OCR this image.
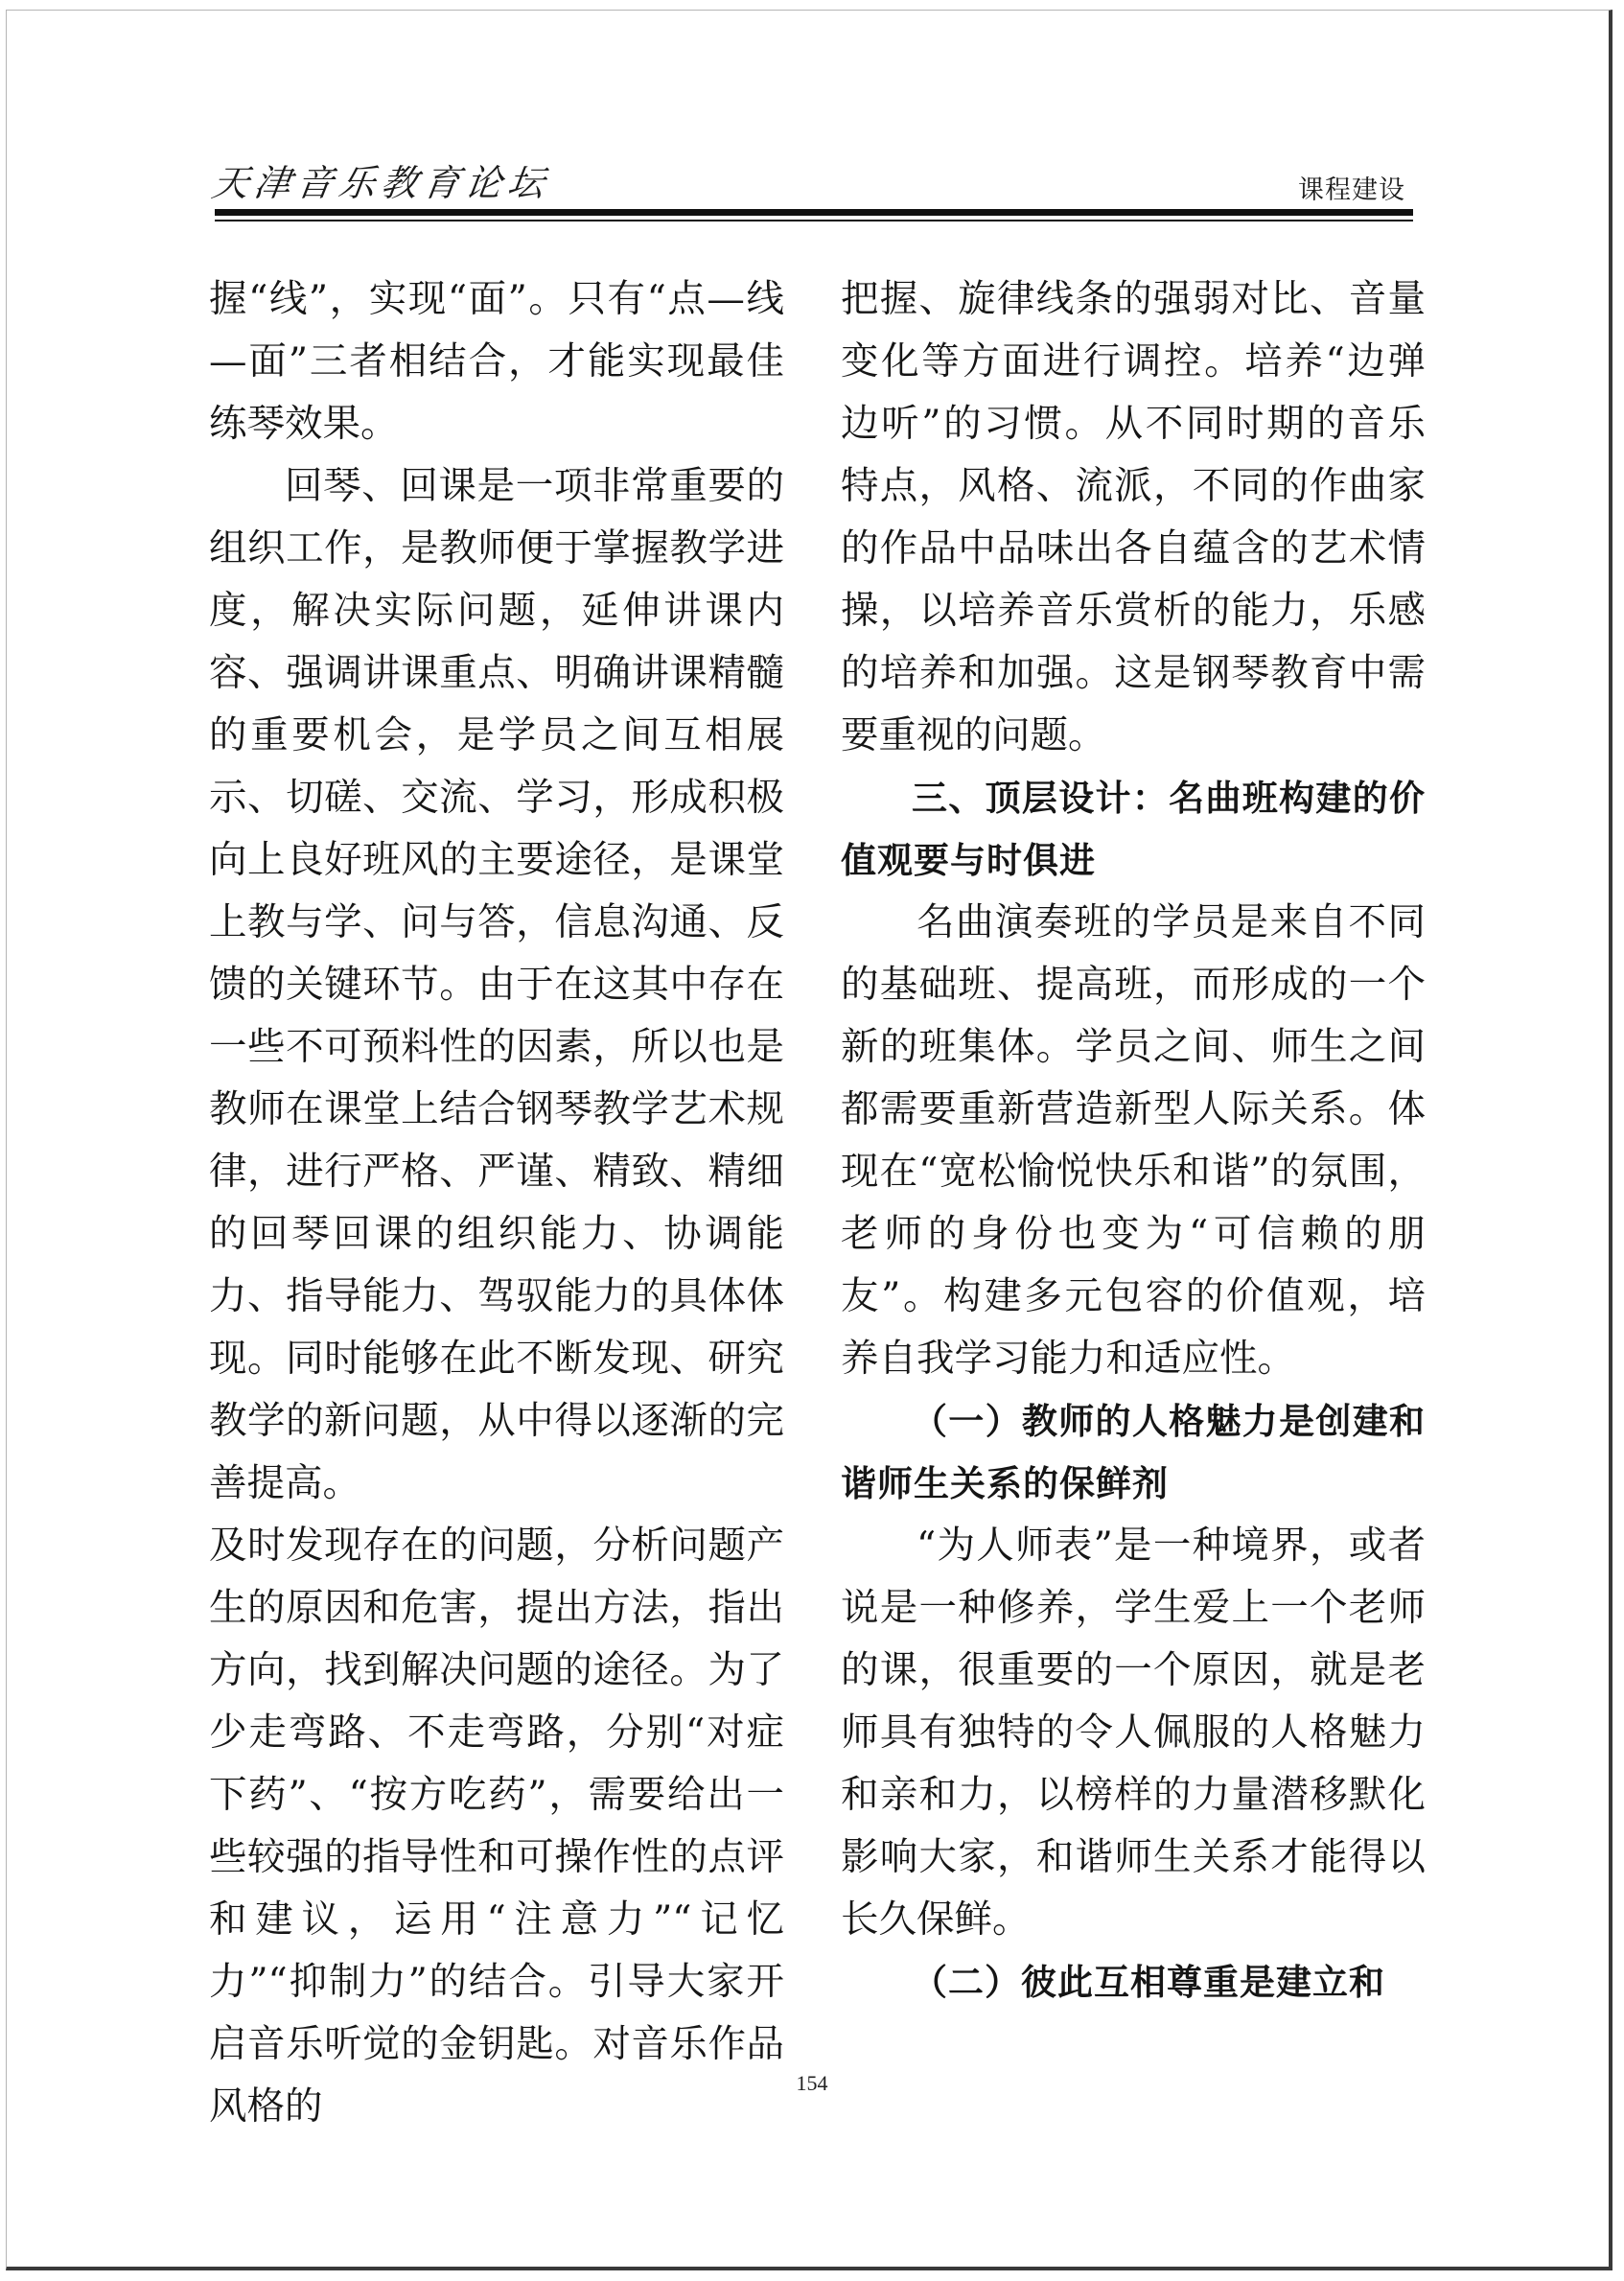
天津音乐教育论坛	课程建设

握“线”，实现“面”。只有“点—线—面”三者相结合，才能实现最佳练琴效果。

回琴、回课是一项非常重要的组织工作，是教师便于掌握教学进度，解决实际问题，延伸讲课内容、强调讲课重点、明确讲课精髓的重要机会，是学员之间互相展示、切磋、交流、学习，形成积极向上良好班风的主要途径，是课堂上教与学、问与答，信息沟通、反馈的关键环节。由于在这其中存在一些不可预料性的因素，所以也是教师在课堂上结合钢琴教学艺术规律，进行严格、严谨、精致、精细的回琴回课的组织能力、协调能力、指导能力、驾驭能力的具体体现。同时能够在此不断发现、研究教学的新问题，从中得以逐渐的完善提高。

及时发现存在的问题，分析问题产生的原因和危害，提出方法，指出方向，找到解决问题的途径。为了少走弯路、不走弯路，分别“对症下药”、“按方吃药”，需要给出一些较强的指导性和可操作性的点评和建议，运用“注意力”“记忆力”“抑制力”的结合。引导大家开启音乐听觉的金钥匙。对音乐作品风格的

把握、旋律线条的强弱对比、音量变化等方面进行调控。培养“边弹边听”的习惯。从不同时期的音乐特点，风格、流派，不同的作曲家的作品中品味出各自蕴含的艺术情操，以培养音乐赏析的能力，乐感的培养和加强。这是钢琴教育中需要重视的问题。

三、顶层设计：名曲班构建的价值观要与时俱进

名曲演奏班的学员是来自不同的基础班、提高班，而形成的一个新的班集体。学员之间、师生之间都需要重新营造新型人际关系。体现在“宽松愉悦快乐和谐”的氛围，老师的身份也变为“可信赖的朋友”。构建多元包容的价值观，培养自我学习能力和适应性。

（一）教师的人格魅力是创建和谐师生关系的保鲜剂

“为人师表”是一种境界，或者说是一种修养，学生爱上一个老师的课，很重要的一个原因，就是老师具有独特的令人佩服的人格魅力和亲和力，以榜样的力量潜移默化影响大家，和谐师生关系才能得以长久保鲜。

（二）彼此互相尊重是建立和

154
